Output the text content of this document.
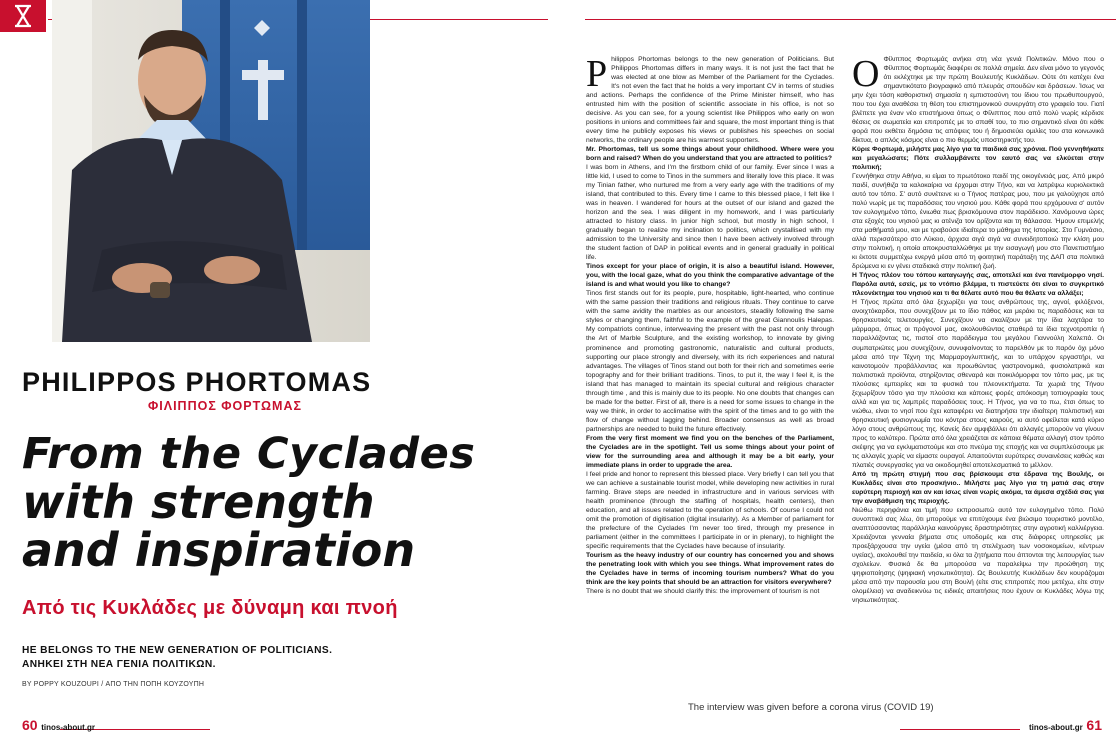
PHILIPPOS PHORTOMAS
ΦΙΛΙΠΠΟΣ ΦΟΡΤΩΜΑΣ
From the Cyclades
with strength
and inspiration
Από τις Κυκλάδες με δύναμη και πνοή
HE BELONGS TO THE NEW GENERATION OF POLITICIANS.
ΑΝΗΚΕΙ ΣΤΗ ΝΕΑ ΓΕΝΙΑ ΠΟΛΙΤΙΚΩΝ.
BY POPPY KOUZOUPI / ΑΠΟ ΤΗΝ ΠΟΠΗ ΚΟΥΖΟΥΠΗ

Philippos Phortomas belongs to the new generation of Politicians. But Philippos Phortomas differs in many ways. It is not just the fact that he was elected at one blow as Member of the Parliament for the Cyclades. It's not even the fact that he holds a very important CV in terms of studies and actions. Perhaps the confidence of the Prime Minister himself, who has entrusted him with the position of scientific associate in his office, is not so decisive. As you can see, for a young scientist like Philippos who early on won positions in unions and committees fair and square, the most important thing is that every time he publicly exposes his views or publishes his speeches on social networks, the ordinary people are his warmest supporters.

Mr. Phortomas, tell us some things about your childhood. Where were you born and raised? When do you understand that you are attracted to politics?

I was born in Athens, and I'm the firstborn child of our family. Ever since I was a little kid, I used to come to Tinos in the summers and literally love this place. It was my Tinian father, who nurtured me from a very early age with the traditions of my island, that contributed to this. Every time I came to this blessed place, I felt like I was in heaven. I wandered for hours at the outset of our island and gazed the horizon and the sea. I was diligent in my homework, and I was particularly attracted to history class. In junior high school, but mostly in high school, I gradually began to realize my inclination to politics, which crystallised with my admission to the University and since then I have been actively involved through the student faction of DAP in political events and in general gradually in political life.

Tinos except for your place of origin, it is also a beautiful island. However, you, with the local gaze, what do you think the comparative advantage of the island is and what would you like to change?

Tinos first stands out for its people, pure, hospitable, light-hearted, who continue with the same passion their traditions and religious rituals. They continue to carve with the same avidity the marbles as our ancestors, steadily following the same styles or changing them, faithful to the example of the great Giannoulis Halepas. My compatriots continue, interweaving the present with the past not only through the Art of Marble Sculpture, and the existing workshop, to innovate by giving prominence and promoting gastronomic, naturalistic and cultural products, supporting our place strongly and diversely, with its rich experiences and natural advantages. The villages of Tinos stand out both for their rich and sometimes eerie topography and for their brilliant traditions. Tinos, to put it, the way I feel it, is the island that has managed to maintain its special cultural and religious character through time , and this is mainly due to its people. No one doubts that changes can be made for the better. First of all, there is a need for some issues to change in the way we think, in order to acclimatise with the spirit of the times and to go with the flow of change without lagging behind. Broader consensus as well as broad partnerships are needed to build the future effectively.

From the very first moment we find you on the benches of the Parliament, the Cyclades are in the spotlight. Tell us some things about your point of view for the surrounding area and although it may be a bit early, your immediate plans in order to upgrade the area.

I feel pride and honor to represent this blessed place. Very briefly I can tell you that we can achieve a sustainable tourist model, while developing new activities in rural farming. Brave steps are needed in infrastructure and in various services with health prominence (through the staffing of hospitals, health centers), then education, and all issues related to the operation of schools. Of course I could not omit the promotion of digitisation (digital insularity). As a Member of parliament for the prefecture of the Cyclades I'm never too tired, through my presence in parliament (either in the committees I participate in or in plenary), to highlight the specific requirements that the Cyclades have because of insularity.

Tourism as the heavy industry of our country has concerned you and shows the penetrating look with which you see things. What improvement rates do the Cyclades have in terms of incoming tourism numbers? What do you think are the key points that should be an attraction for visitors everywhere?

There is no doubt that we should clarify this: the improvement of tourism is not

Ο Φίλιππος Φορτωμάς ανήκει στη νέα γενιά Πολιτικών. Μόνο που ο Φίλιππος Φορτωμάς διαφέρει σε πολλά σημεία. Δεν είναι μόνο το γεγονός ότι εκλέχτηκε με την πρώτη Βουλευτής Κυκλάδων. Ούτε ότι κατέχει ένα σημαντικότατο βιογραφικό από πλευράς σπουδών και δράσεων. Ίσως να μην έχει τόση καθοριστική σημασία η εμπιστοσύνη του ίδιου του πρωθυπουργού, που του έχει αναθέσει τη θέση του επιστημονικού συνεργάτη στο γραφείο του. Γιατί βλέπετε για έναν νέο επιστήμονα όπως ο Φίλιππος που από πολύ νωρίς κέρδισε θέσεις σε σωματεία και επιτροπές με το σπαθί του, το πιο σημαντικό είναι ότι κάθε φορά που εκθέτει δημόσια τις απόψεις του ή δημοσιεύει ομιλίες του στα κοινωνικά δίκτυα, ο απλός κόσμος είναι ο πιο θερμός υποστηρικτής του.

Κύριε Φορτωμά, μιλήστε μας λίγο για τα παιδικά σας χρόνια. Πού γεννηθήκατε και μεγαλώσατε; Πότε συλλαμβάνετε τον εαυτό σας να ελκύεται στην πολιτική;

Γεννήθηκα στην Αθήνα, κι είμαι το πρωτότοκο παιδί της οικογένειάς μας. Από μικρό παιδί, συνήθιζα τα καλοκαίρια να έρχομαι στην Τήνο, και να λατρέψω κυριολεκτικά αυτό τον τόπο. Σ' αυτό συνέτεινε κι ο Τήνιος πατέρας μου, που με γαλούχησε από πολύ νωρίς με τις παραδόσεις του νησιού μου. Κάθε φορά που ερχόμουνα σ' αυτόν τον ευλογημένο τόπο, ένιωθα πως βρισκόμουνα στον παράδεισο. Χανόμουνα ώρες στα εξοχές του νησιού μας κι ατένιζα τον ορίζοντα και τη θάλασσα. Ήμουν επιμελής στα μαθήματά μου, και με τραβούσε ιδιαίτερα το μάθημα της Ιστορίας. Στο Γυμνάσιο, αλλά περισσότερο στο Λύκειο, άρχισα σιγά σιγά να συνειδητοποιώ την κλίση μου στην πολιτική, η οποία αποκρυσταλλώθηκε με την εισαγωγή μου στο Πανεπιστήμιο κι έκτοτε συμμετέχω ενεργά μέσα από τη φοιτητική παράταξη της ΔΑΠ στα πολιτικά δρώμενα κι εν γένει σταδιακά στην πολιτική ζωή.

Η Τήνος πλέον του τόπου καταγωγής σας, αποτελεί και ένα πανέμορφο νησί. Παρόλα αυτά, εσείς, με το ντόπιο βλέμμα, τι πιστεύετε ότι είναι το συγκριτικό πλεονέκτημα του νησιού και τι θα θέλατε αυτό που θα θέλατε να αλλάξει;

Η Τήνος πρώτα από όλα ξεχωρίζει για τους ανθρώπους της, αγνοί, φιλόξενοι, ανοιχτόκαρδοι, που συνεχίζουν με το ίδιο πάθος και μεράκι τις παραδόσεις και τα θρησκευτικές τελετουργίες. Συνεχίζουν να σκαλίζουν με την ίδια λαχτάρα το μάρμαρα, όπως οι πρόγονοί μας, ακολουθώντας σταθερά τα ίδια τεχνοτροπία ή παραλλάζοντας τις, πιστοί στο παράδειγμα του μεγάλου Γιαννούλη Χαλεπά. Οι συμπατριώτες μου συνεχίζουν, συνυφαίνοντας το παρελθόν με το παρόν όχι μόνο μέσα από την Τέχνη της Μαρμαρογλυπτικής, και το υπάρχον εργαστήρι, να καινοτομούν προβάλλοντας και προωθώντας γαστρονομικά, φυσιολατρικά και πολιτιστικά προϊόντα, στηρίζοντας σθεναρά και ποικιλόμορφα τον τόπο μας, με τις πλούσιες εμπειρίες και τα φυσικά του πλεονεκτήματα. Τα χωριά της Τήνου ξεχωρίζουν τόσο για την πλούσια και κάποιες φορές απόκοσμη τοπιογραφία τους αλλά και για τις λαμπρές παραδόσεις τους. Η Τήνος, για να το πω, έτσι όπως το νιώθω, είναι το νησί που έχει καταφέρει να διατηρήσει την ιδιαίτερη πολιτιστική και θρησκευτική φυσιογνωμία του κόντρα στους καιρούς, κι αυτό οφείλεται κατά κύριο λόγο στους ανθρώπους της. Κανείς δεν αμφιβάλλει ότι αλλαγές μπορούν να γίνουν προς το καλύτερο. Πρώτα από όλα χρειάζεται σε κάποια θέματα αλλαγή στον τρόπο σκέψης για να εγκλιματιστούμε και στο πνεύμα της εποχής και να συμπλεύσουμε με τις αλλαγές χωρίς να είμαστε ουραγοί. Απαιτούνται ευρύτερες συναινέσεις καθώς και πλατιές συνεργασίες για να οικοδομηθεί αποτελεσματικά το μέλλον.

Από τη πρώτη στιγμή που σας βρίσκουμε στα έδρανα της Βουλής, οι Κυκλάδες είναι στο προσκήνιο.. Μιλήστε μας λίγο για τη ματιά σας στην ευρύτερη περιοχή και αν και ίσως είναι νωρίς ακόμα, τα άμεσα σχέδιά σας για την αναβάθμιση της περιοχής.

Νιώθω περηφάνια και τιμή που εκπροσωπώ αυτό τον ευλογημένο τόπο. Πολύ συνοπτικά σας λέω, ότι μπορούμε να επιτύχουμε ένα βιώσιμο τουριστικό μοντέλο, αναπτύσσοντας παράλληλα καινούργιες δραστηριότητες στην αγροτική καλλιέργεια. Χρειάζονται γενναία βήματα στις υποδομές και στις διάφορες υπηρεσίες με προεξάρχουσα την υγεία (μέσα από τη στελέχωση των νοσοκομείων, κέντρων υγείας), ακολουθεί την παιδεία, κι όλα τα ζητήματα που άπτονται της λειτουργίας των σχολείων. Φυσικά δε θα μπορούσα να παραλείψω την προώθηση της ψηφιοποίησης (ψηφιακή νησιωτικότητα). Ως Βουλευτής Κυκλάδων δεν κουράζομαι μέσα από την παρουσία μου στη Βουλή (είτε στις επιτροπές που μετέχω, είτε στην ολομέλεια) να αναδεικνύω τις ειδικές απαιτήσεις που έχουν οι Κυκλάδες λόγω της νησιωτικότητας.

The interview was given before a corona virus (COVID 19)
60 tinos-about.gr	tinos-about.gr 61
